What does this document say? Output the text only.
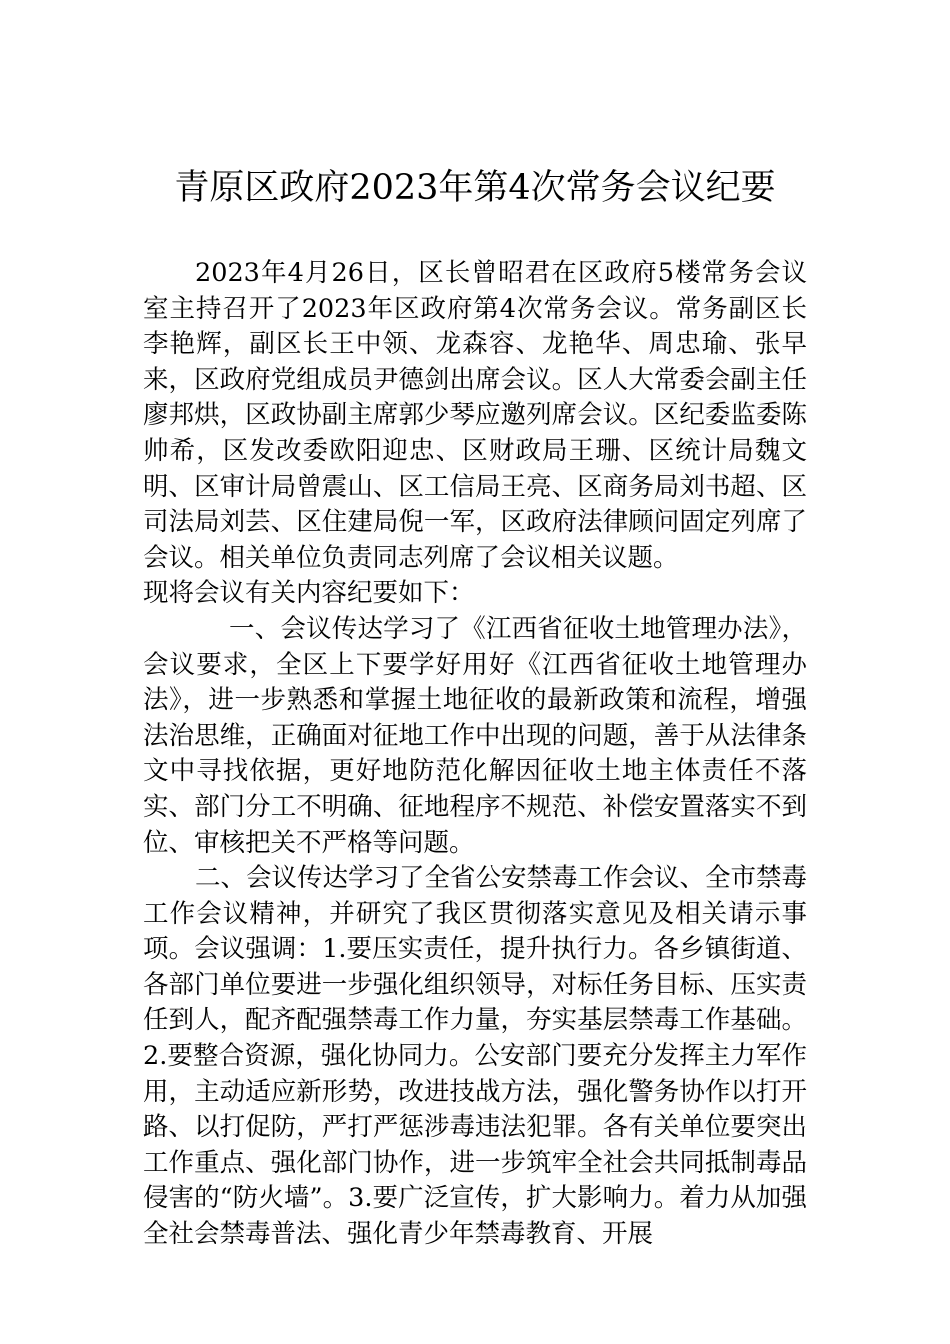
青原区政府2023年第4次常务会议纪要

2023年4月26日，区长曾昭君在区政府5楼常务会议室主持召开了2023年区政府第4次常务会议。常务副区长李艳辉，副区长王中领、龙森容、龙艳华、周忠瑜、张早来，区政府党组成员尹德剑出席会议。区人大常委会副主任廖邦烘，区政协副主席郭少琴应邀列席会议。区纪委监委陈帅希，区发改委欧阳迎忠、区财政局王珊、区统计局魏文明、区审计局曾震山、区工信局王亮、区商务局刘书超、区司法局刘芸、区住建局倪一军，区政府法律顾问固定列席了会议。相关单位负责同志列席了会议相关议题。

现将会议有关内容纪要如下：

一、会议传达学习了《江西省征收土地管理办法》，会议要求，全区上下要学好用好《江西省征收土地管理办法》，进一步熟悉和掌握土地征收的最新政策和流程，增强法治思维，正确面对征地工作中出现的问题，善于从法律条文中寻找依据，更好地防范化解因征收土地主体责任不落实、部门分工不明确、征地程序不规范、补偿安置落实不到位、审核把关不严格等问题。

二、会议传达学习了全省公安禁毒工作会议、全市禁毒工作会议精神，并研究了我区贯彻落实意见及相关请示事项。会议强调：1.要压实责任，提升执行力。各乡镇街道、各部门单位要进一步强化组织领导，对标任务目标、压实责任到人，配齐配强禁毒工作力量，夯实基层禁毒工作基础。2.要整合资源，强化协同力。公安部门要充分发挥主力军作用，主动适应新形势，改进技战方法，强化警务协作以打开路、以打促防，严打严惩涉毒违法犯罪。各有关单位要突出工作重点、强化部门协作，进一步筑牢全社会共同抵制毒品侵害的“防火墙”。3.要广泛宣传，扩大影响力。着力从加强全社会禁毒普法、强化青少年禁毒教育、开展
